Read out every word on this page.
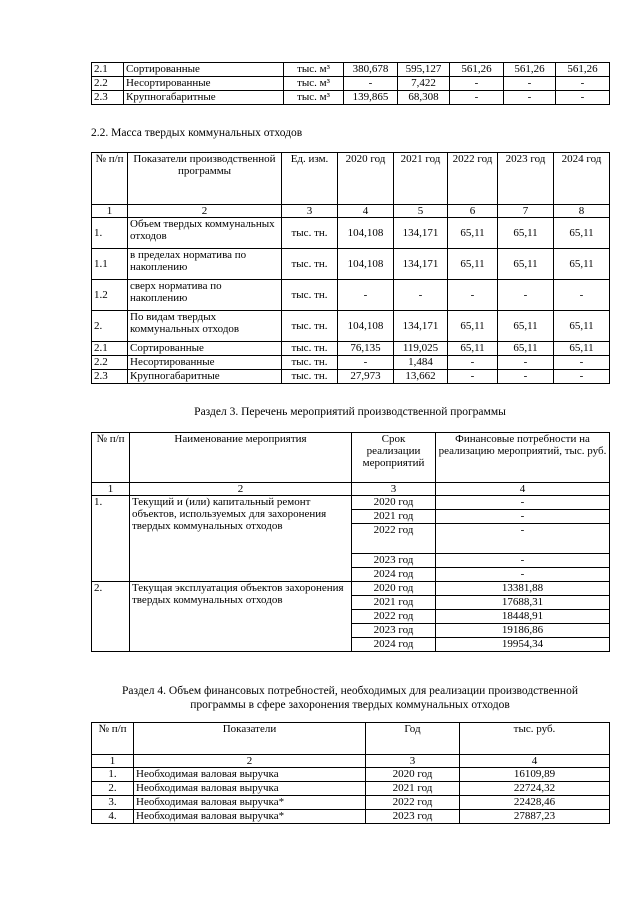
2.1	Сортированные	тыс. м³	380,678	595,127	561,26	561,26	561,26
2.2	Несортированные	тыс. м³	-	7,422	-	-	-
2.3	Крупногабаритные	тыс. м³	139,865	68,308	-	-	-
2.2. Масса твердых коммунальных отходов
№ п/п	Показатели производственной программы	Ед. изм.	2020 год	2021 год	2022 год	2023 год	2024 год
1	2	3	4	5	6	7	8
1.	Объем твердых коммунальных отходов	тыс. тн.	104,108	134,171	65,11	65,11	65,11
1.1	в пределах норматива по накоплению	тыс. тн.	104,108	134,171	65,11	65,11	65,11
1.2	сверх норматива по накоплению	тыс. тн.	-	-	-	-	-
2.	По видам твердых коммунальных отходов	тыс. тн.	104,108	134,171	65,11	65,11	65,11
2.1	Сортированные	тыс. тн.	76,135	119,025	65,11	65,11	65,11
2.2	Несортированные	тыс. тн.	-	1,484	-	-	-
2.3	Крупногабаритные	тыс. тн.	27,973	13,662	-	-	-
Раздел 3. Перечень мероприятий производственной программы
№ п/п	Наименование мероприятия	Срок реализации мероприятий	Финансовые потребности на реализацию мероприятий, тыс. руб.
1	2	3	4
1.	Текущий и (или) капитальный ремонт объектов, используемых для захоронения твердых коммунальных отходов	2020 год	-
		2021 год	-
		2022 год	-
		2023 год	-
		2024 год	-
2.	Текущая эксплуатация объектов захоронения твердых коммунальных отходов	2020 год	13381,88
		2021 год	17688,31
		2022 год	18448,91
		2023 год	19186,86
		2024 год	19954,34
Раздел 4. Объем финансовых потребностей, необходимых для реализации производственной
программы в сфере захоронения твердых коммунальных отходов
№ п/п	Показатели	Год	тыс. руб.
1	2	3	4
1.	Необходимая валовая выручка	2020 год	16109,89
2.	Необходимая валовая выручка	2021 год	22724,32
3.	Необходимая валовая выручка*	2022 год	22428,46
4.	Необходимая валовая выручка*	2023 год	27887,23
